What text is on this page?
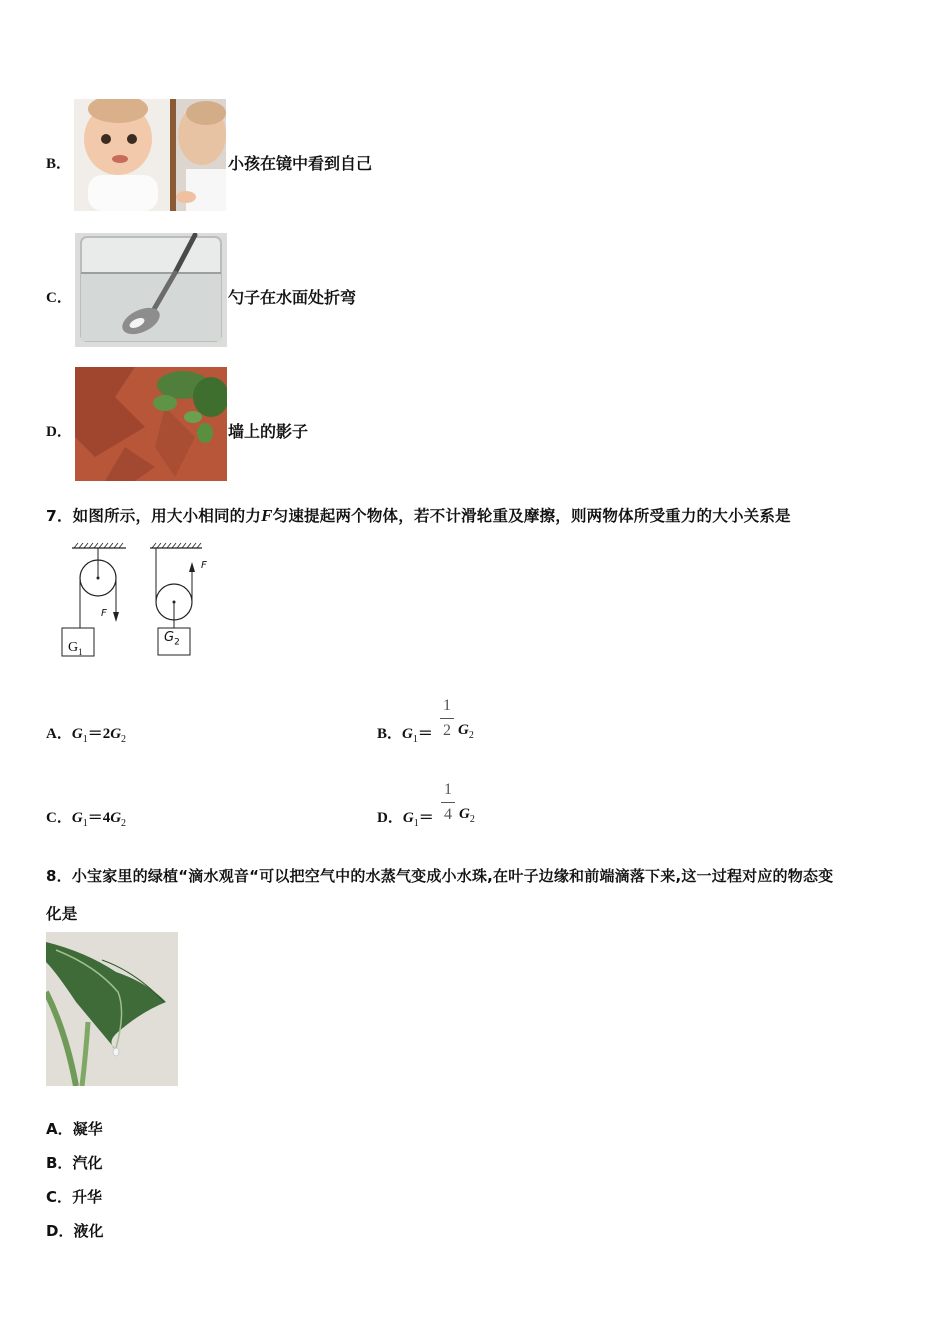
B．	小孩在镜中看到自己
C．	勺子在水面处折弯
D．	墙上的影子
7．如图所示，用大小相同的力F匀速提起两个物体，若不计滑轮重及摩擦，则两物体所受重力的大小关系是
F
F
$G_1$
$G_2$
A．$G_1=2G_2$	B．$G_1=$
1
2 $G_2$
C．$G_1=4G_2$	D．$G_1=$
1
4 $G_2$
8．小宝家里的绿植“滴水观音“可以把空气中的水蒸气变成小水珠,在叶子边缘和前端滴落下来,这一过程对应的物态变
化是
A．凝华
B．汽化
C．升华
D．液化
